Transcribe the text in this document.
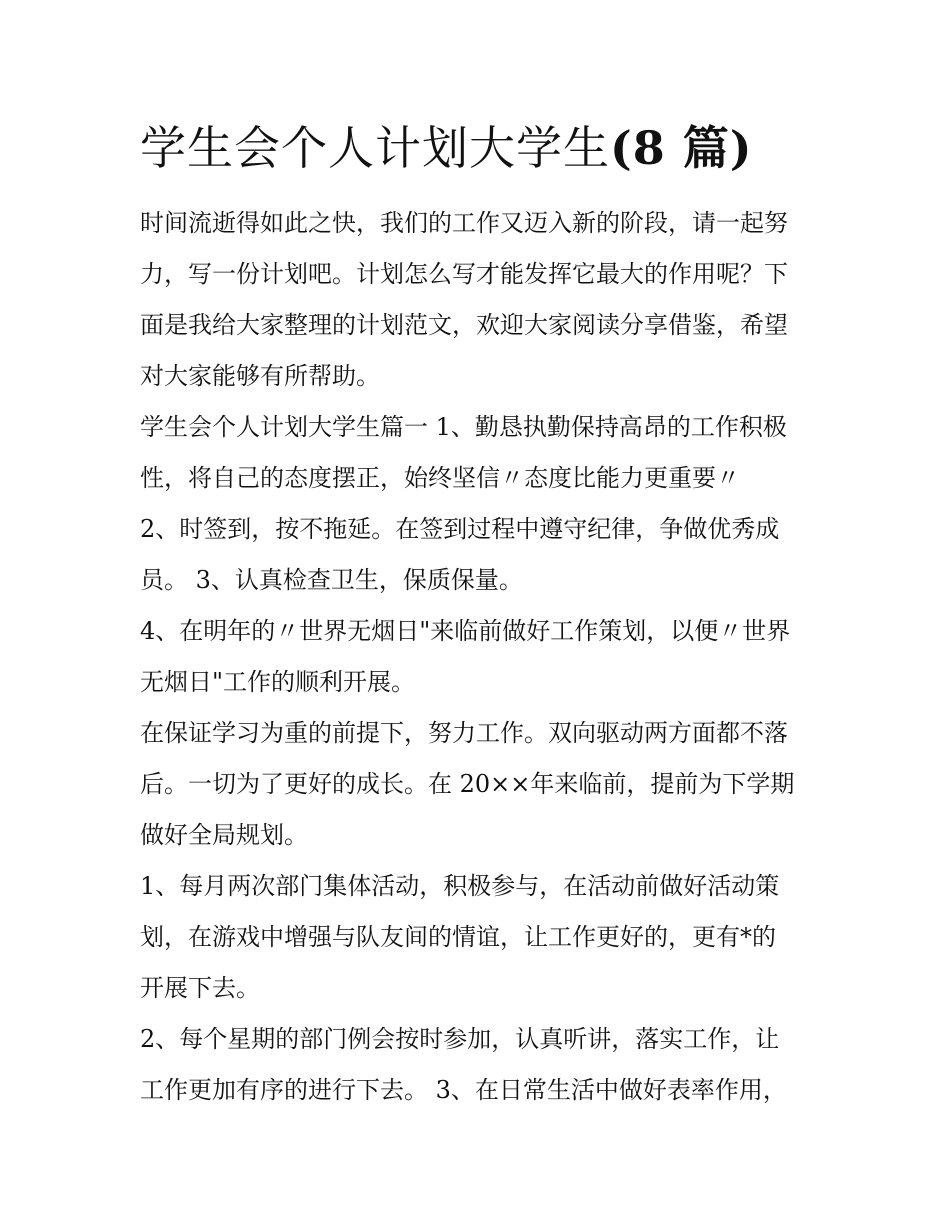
学生会个人计划大学生(8 篇)

时间流逝得如此之快，我们的工作又迈入新的阶段，请一起努
力，写一份计划吧。计划怎么写才能发挥它最大的作用呢？下
面是我给大家整理的计划范文，欢迎大家阅读分享借鉴，希望
对大家能够有所帮助。

学生会个人计划大学生篇一 1、勤恳执勤保持高昂的工作积极
性，将自己的态度摆正，始终坚信〃态度比能力更重要〃

2、时签到，按不拖延。在签到过程中遵守纪律，争做优秀成
员。 3、认真检查卫生，保质保量。

4、在明年的〃世界无烟日"来临前做好工作策划，以便〃世界
无烟日"工作的顺利开展。

在保证学习为重的前提下，努力工作。双向驱动两方面都不落
后。一切为了更好的成长。在 20××年来临前，提前为下学期
做好全局规划。

1、每月两次部门集体活动，积极参与，在活动前做好活动策
划，在游戏中增强与队友间的情谊，让工作更好的，更有*的
开展下去。

2、每个星期的部门例会按时参加，认真听讲，落实工作，让
工作更加有序的进行下去。 3、在日常生活中做好表率作用，
